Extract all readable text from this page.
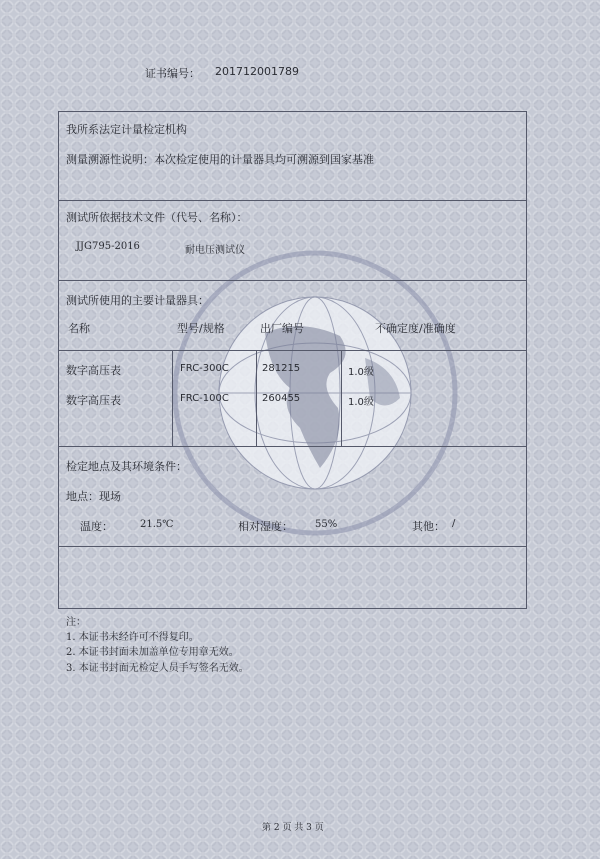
证书编号： 201712001789
我所系法定计量检定机构
测量溯源性说明：本次检定使用的计量器具均可溯源到国家基准
测试所依据技术文件（代号、名称）：
JJG795-2016	耐电压测试仪
测试所使用的主要计量器具：
名称	型号/规格	出厂编号	不确定度/准确度
数字高压表	FRC-300C	281215	1.0级
数字高压表	FRC-100C	260455	1.0级
检定地点及其环境条件：
地点：现场
温度：	21.5℃	相对湿度： 55%	其他： /
注：
1. 本证书未经许可不得复印。
2. 本证书封面未加盖单位专用章无效。
3. 本证书封面无检定人员手写签名无效。
第 2 页 共 3 页
